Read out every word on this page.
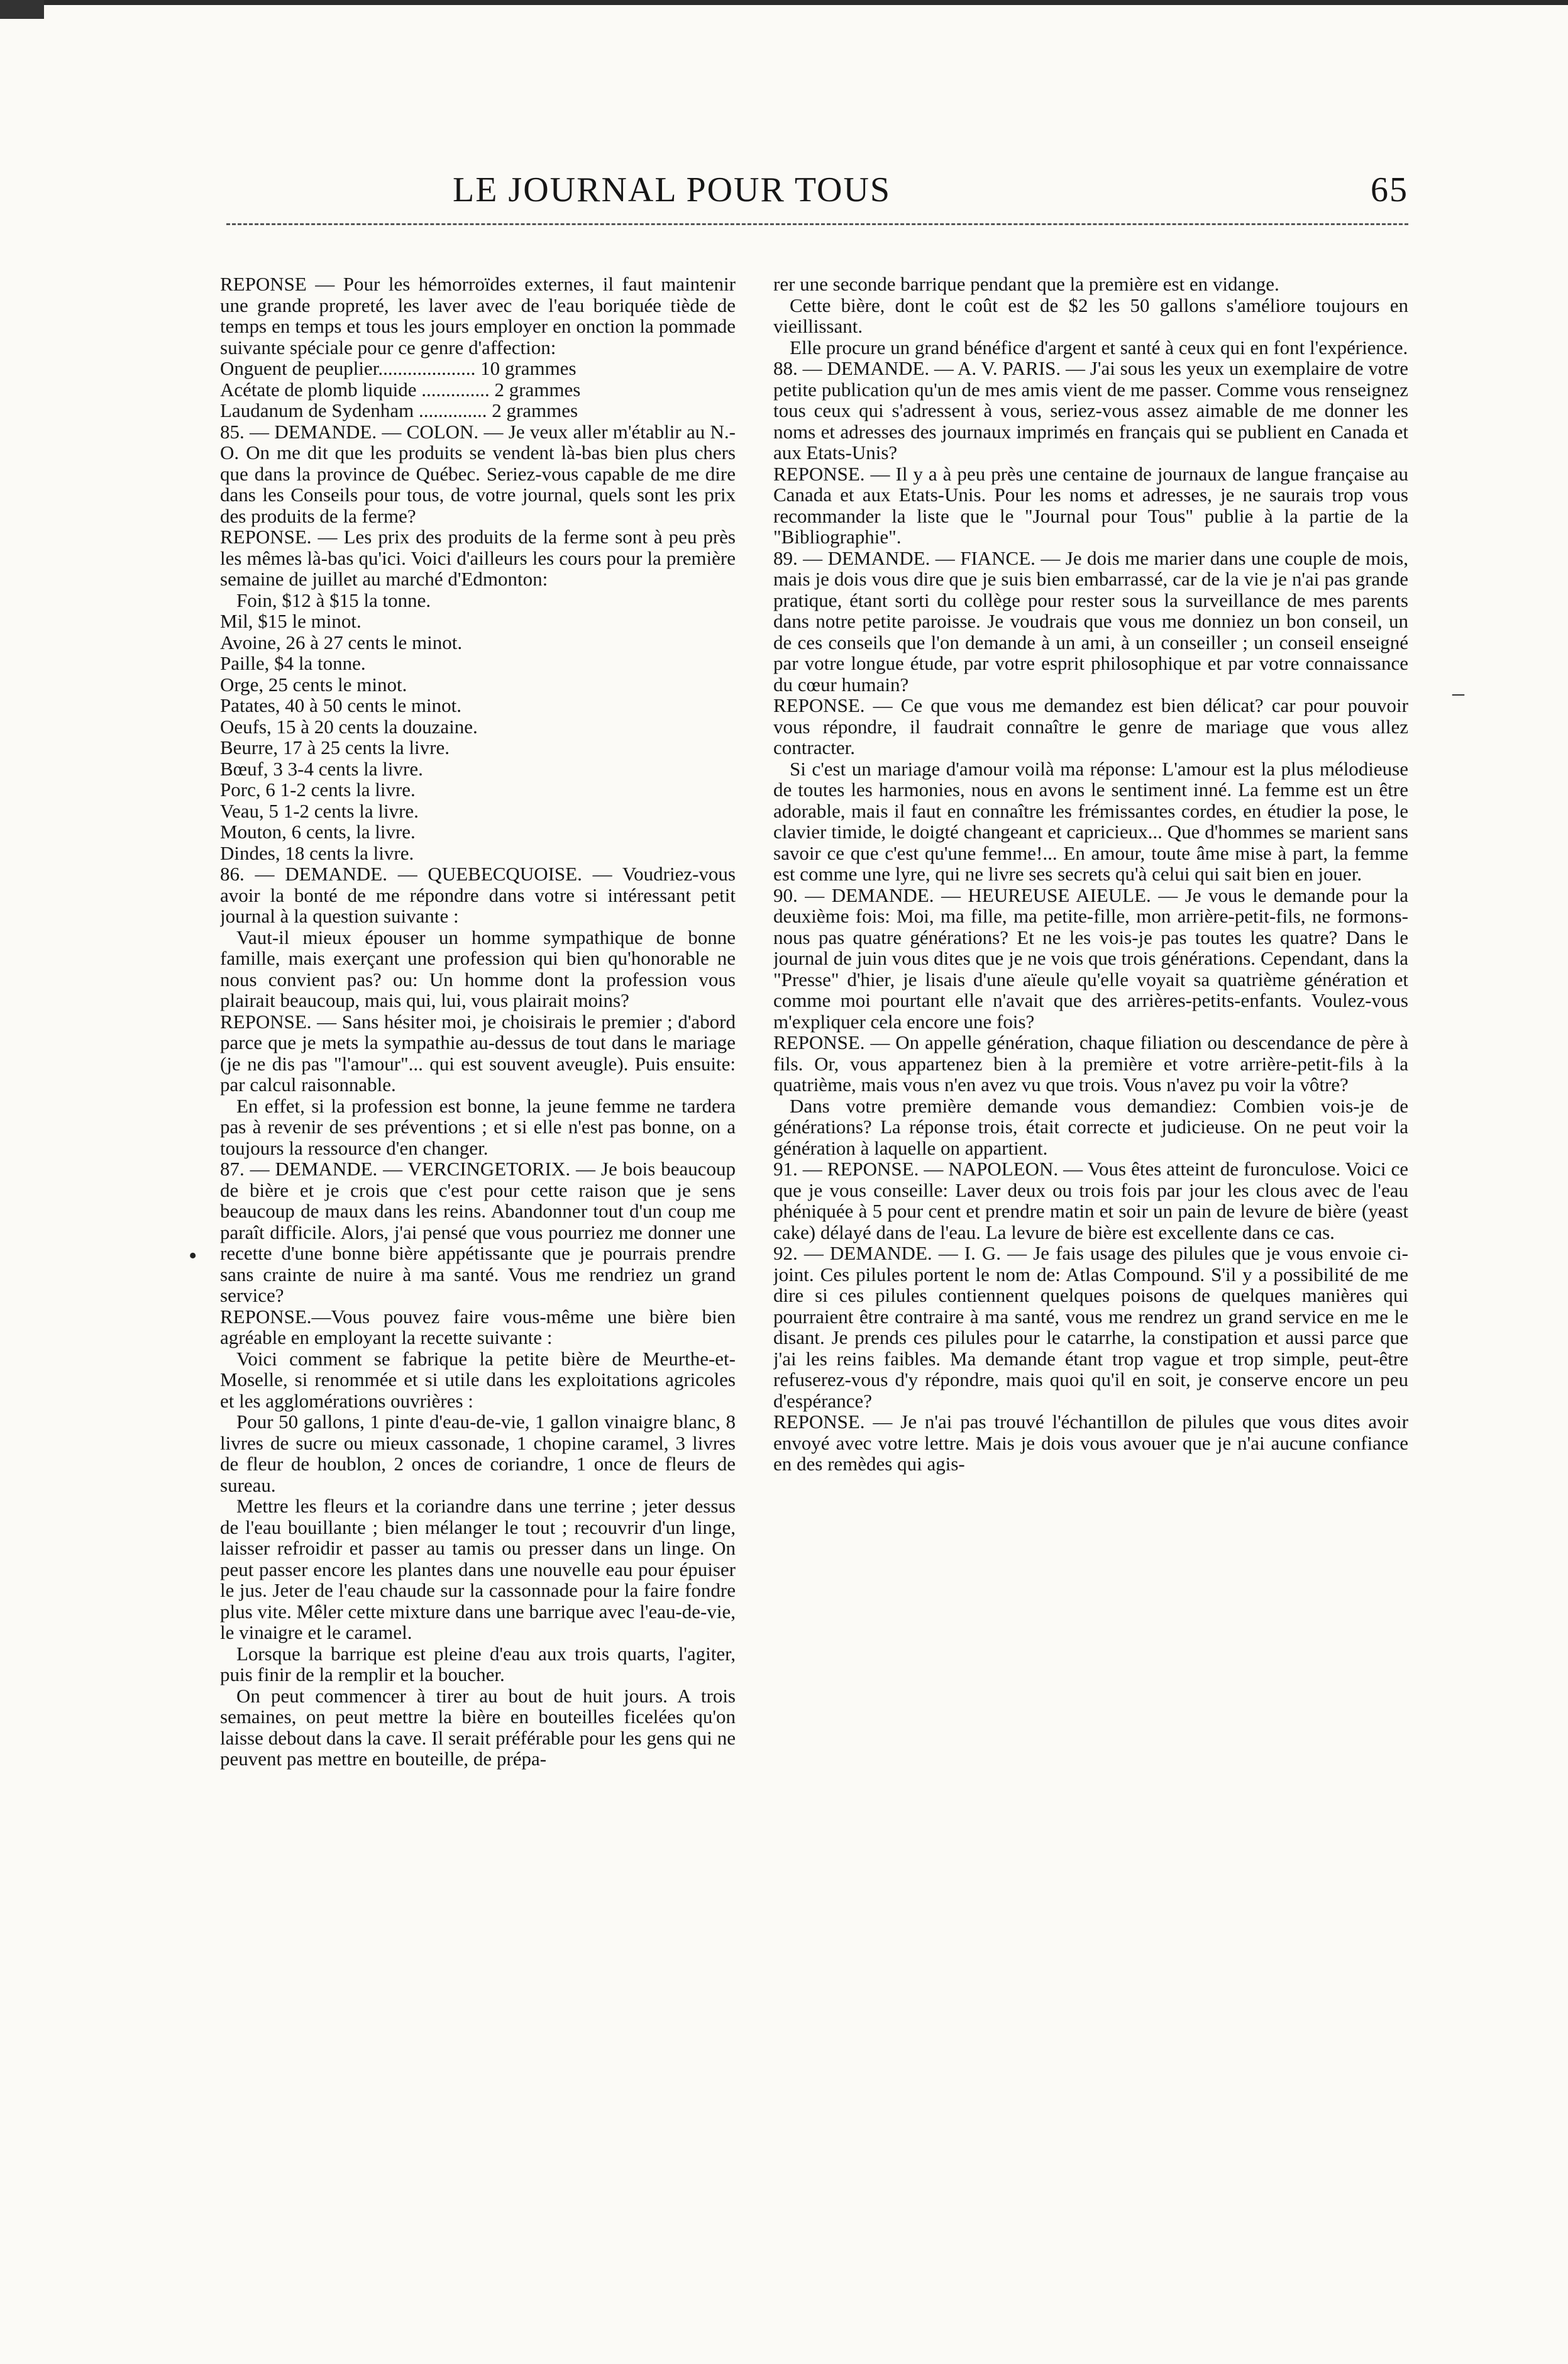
LE JOURNAL POUR TOUS	65

REPONSE — Pour les hémorroïdes externes, il faut maintenir une grande propreté, les laver avec de l'eau boriquée tiède de temps en temps et tous les jours employer en onction la pommade suivante spéciale pour ce genre d'affection:

Onguent de peuplier.................... 10 grammes
Acétate de plomb liquide .............. 2 grammes
Laudanum de Sydenham .............. 2 grammes

85. — DEMANDE. — COLON. — Je veux aller m'établir au N.-O. On me dit que les produits se vendent là-bas bien plus chers que dans la province de Québec. Seriez-vous capable de me dire dans les Conseils pour tous, de votre journal, quels sont les prix des produits de la ferme?

REPONSE. — Les prix des produits de la ferme sont à peu près les mêmes là-bas qu'ici. Voici d'ailleurs les cours pour la première semaine de juillet au marché d'Edmonton:

Foin, $12 à $15 la tonne.
Mil, $15 le minot.
Avoine, 26 à 27 cents le minot.
Paille, $4 la tonne.
Orge, 25 cents le minot.
Patates, 40 à 50 cents le minot.
Oeufs, 15 à 20 cents la douzaine.
Beurre, 17 à 25 cents la livre.
Bœuf, 3 3-4 cents la livre.
Porc, 6 1-2 cents la livre.
Veau, 5 1-2 cents la livre.
Mouton, 6 cents, la livre.
Dindes, 18 cents la livre.

86. — DEMANDE. — QUEBECQUOISE. — Voudriez-vous avoir la bonté de me répondre dans votre si intéressant petit journal à la question suivante :

Vaut-il mieux épouser un homme sympathique de bonne famille, mais exerçant une profession qui bien qu'honorable ne nous convient pas? ou: Un homme dont la profession vous plairait beaucoup, mais qui, lui, vous plairait moins?

REPONSE. — Sans hésiter moi, je choisirais le premier ; d'abord parce que je mets la sympathie au-dessus de tout dans le mariage (je ne dis pas "l'amour"... qui est souvent aveugle). Puis ensuite: par calcul raisonnable.

En effet, si la profession est bonne, la jeune femme ne tardera pas à revenir de ses préventions ; et si elle n'est pas bonne, on a toujours la ressource d'en changer.

87. — DEMANDE. — VERCINGETORIX. — Je bois beaucoup de bière et je crois que c'est pour cette raison que je sens beaucoup de maux dans les reins. Abandonner tout d'un coup me paraît difficile. Alors, j'ai pensé que vous pourriez me donner une recette d'une bonne bière appétissante que je pourrais prendre sans crainte de nuire à ma santé. Vous me rendriez un grand service?

REPONSE.—Vous pouvez faire vous-même une bière bien agréable en employant la recette suivante :

Voici comment se fabrique la petite bière de Meurthe-et-Moselle, si renommée et si utile dans les exploitations agricoles et les agglomérations ouvrières :

Pour 50 gallons, 1 pinte d'eau-de-vie, 1 gallon vinaigre blanc, 8 livres de sucre ou mieux cassonade, 1 chopine caramel, 3 livres de fleur de houblon, 2 onces de coriandre, 1 once de fleurs de sureau.

Mettre les fleurs et la coriandre dans une terrine ; jeter dessus de l'eau bouillante ; bien mélanger le tout ; recouvrir d'un linge, laisser refroidir et passer au tamis ou presser dans un linge. On peut passer encore les plantes dans une nouvelle eau pour épuiser le jus. Jeter de l'eau chaude sur la cassonnade pour la faire fondre plus vite. Mêler cette mixture dans une barrique avec l'eau-de-vie, le vinaigre et le caramel.

Lorsque la barrique est pleine d'eau aux trois quarts, l'agiter, puis finir de la remplir et la boucher.

On peut commencer à tirer au bout de huit jours. A trois semaines, on peut mettre la bière en bouteilles ficelées qu'on laisse debout dans la cave. Il serait préférable pour les gens qui ne peuvent pas mettre en bouteille, de prépa-

rer une seconde barrique pendant que la première est en vidange.

Cette bière, dont le coût est de $2 les 50 gallons s'améliore toujours en vieillissant.

Elle procure un grand bénéfice d'argent et santé à ceux qui en font l'expérience.

88. — DEMANDE. — A. V. PARIS. — J'ai sous les yeux un exemplaire de votre petite publication qu'un de mes amis vient de me passer. Comme vous renseignez tous ceux qui s'adressent à vous, seriez-vous assez aimable de me donner les noms et adresses des journaux imprimés en français qui se publient en Canada et aux Etats-Unis?

REPONSE. — Il y a à peu près une centaine de journaux de langue française au Canada et aux Etats-Unis. Pour les noms et adresses, je ne saurais trop vous recommander la liste que le "Journal pour Tous" publie à la partie de la "Bibliographie".

89. — DEMANDE. — FIANCE. — Je dois me marier dans une couple de mois, mais je dois vous dire que je suis bien embarrassé, car de la vie je n'ai pas grande pratique, étant sorti du collège pour rester sous la surveillance de mes parents dans notre petite paroisse. Je voudrais que vous me donniez un bon conseil, un de ces conseils que l'on demande à un ami, à un conseiller ; un conseil enseigné par votre longue étude, par votre esprit philosophique et par votre connaissance du cœur humain?

REPONSE. — Ce que vous me demandez est bien délicat? car pour pouvoir vous répondre, il faudrait connaître le genre de mariage que vous allez contracter.

Si c'est un mariage d'amour voilà ma réponse: L'amour est la plus mélodieuse de toutes les harmonies, nous en avons le sentiment inné. La femme est un être adorable, mais il faut en connaître les frémissantes cordes, en étudier la pose, le clavier timide, le doigté changeant et capricieux... Que d'hommes se marient sans savoir ce que c'est qu'une femme!... En amour, toute âme mise à part, la femme est comme une lyre, qui ne livre ses secrets qu'à celui qui sait bien en jouer.

90. — DEMANDE. — HEUREUSE AIEULE. — Je vous le demande pour la deuxième fois: Moi, ma fille, ma petite-fille, mon arrière-petit-fils, ne formons-nous pas quatre générations? Et ne les vois-je pas toutes les quatre? Dans le journal de juin vous dites que je ne vois que trois générations. Cependant, dans la "Presse" d'hier, je lisais d'une aïeule qu'elle voyait sa quatrième génération et comme moi pourtant elle n'avait que des arrières-petits-enfants. Voulez-vous m'expliquer cela encore une fois?

REPONSE. — On appelle génération, chaque filiation ou descendance de père à fils. Or, vous appartenez bien à la première et votre arrière-petit-fils à la quatrième, mais vous n'en avez vu que trois. Vous n'avez pu voir la vôtre?

Dans votre première demande vous demandiez: Combien vois-je de générations? La réponse trois, était correcte et judicieuse. On ne peut voir la génération à laquelle on appartient.

91. — REPONSE. — NAPOLEON. — Vous êtes atteint de furonculose. Voici ce que je vous conseille: Laver deux ou trois fois par jour les clous avec de l'eau phéniquée à 5 pour cent et prendre matin et soir un pain de levure de bière (yeast cake) délayé dans de l'eau. La levure de bière est excellente dans ce cas.

92. — DEMANDE. — I. G. — Je fais usage des pilules que je vous envoie ci-joint. Ces pilules portent le nom de: Atlas Compound. S'il y a possibilité de me dire si ces pilules contiennent quelques poisons de quelques manières qui pourraient être contraire à ma santé, vous me rendrez un grand service en me le disant. Je prends ces pilules pour le catarrhe, la constipation et aussi parce que j'ai les reins faibles. Ma demande étant trop vague et trop simple, peut-être refuserez-vous d'y répondre, mais quoi qu'il en soit, je conserve encore un peu d'espérance?

REPONSE. — Je n'ai pas trouvé l'échantillon de pilules que vous dites avoir envoyé avec votre lettre. Mais je dois vous avouer que je n'ai aucune confiance en des remèdes qui agis-

•
–
